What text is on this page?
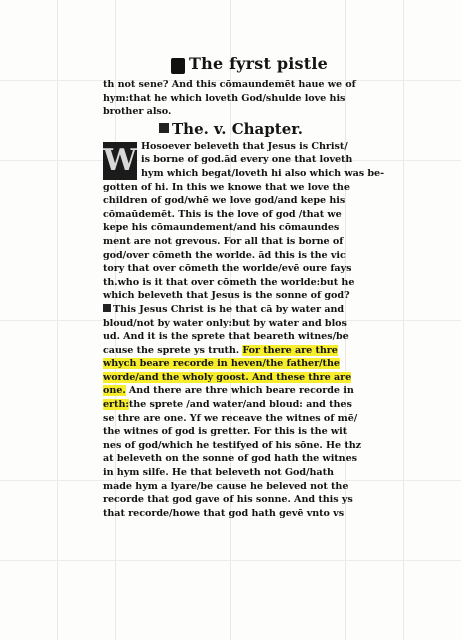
The fyrst pistle
th not sene? And this cōmaundemēt haue we of
hym:that he which loveth God/shulde love his
brother also.
The. v. Chapter.
W Hosoever beleveth that Jesus is Christ/
is borne of god.ād every one that loveth
hym which begat/loveth hi also which was be-
gotten of hi. In this we knowe that we love the
children of god/whē we love god/and kepe his
cōmaūdemēt. This is the love of god /that we
kepe his cōmaundement/and his cōmaundes
ment are not grevous. For all that is borne of
god/over cōmeth the worlde. ād this is the vic
tory that over cōmeth the worlde/evē oure fays
th.who is it that over cōmeth the worlde:but he
which beleveth that Jesus is the sonne of god?
This Jesus Christ is he that cā by water and
bloud/not by water only:but by water and blos
ud. And it is the sprete that beareth witnes/be
cause the sprete ys truth. For there are thre
whych beare recorde in heven/the father/the
worde/and the wholy goost. And these thre are
one. And there are thre which beare recorde in
erth:the sprete /and water/and bloud: and thes
se thre are one. Yf we receave the witnes of mē/
the witnes of god is gretter. For this is the wit
nes of god/which he testifyed of his sōne. He thz
at beleveth on the sonne of god hath the witnes
in hym silfe. He that beleveth not God/hath
made hym a lyare/be cause he beleved not the
recorde that god gave of his sonne. And this ys
that recorde/howe that god hath gevē vnto vs
